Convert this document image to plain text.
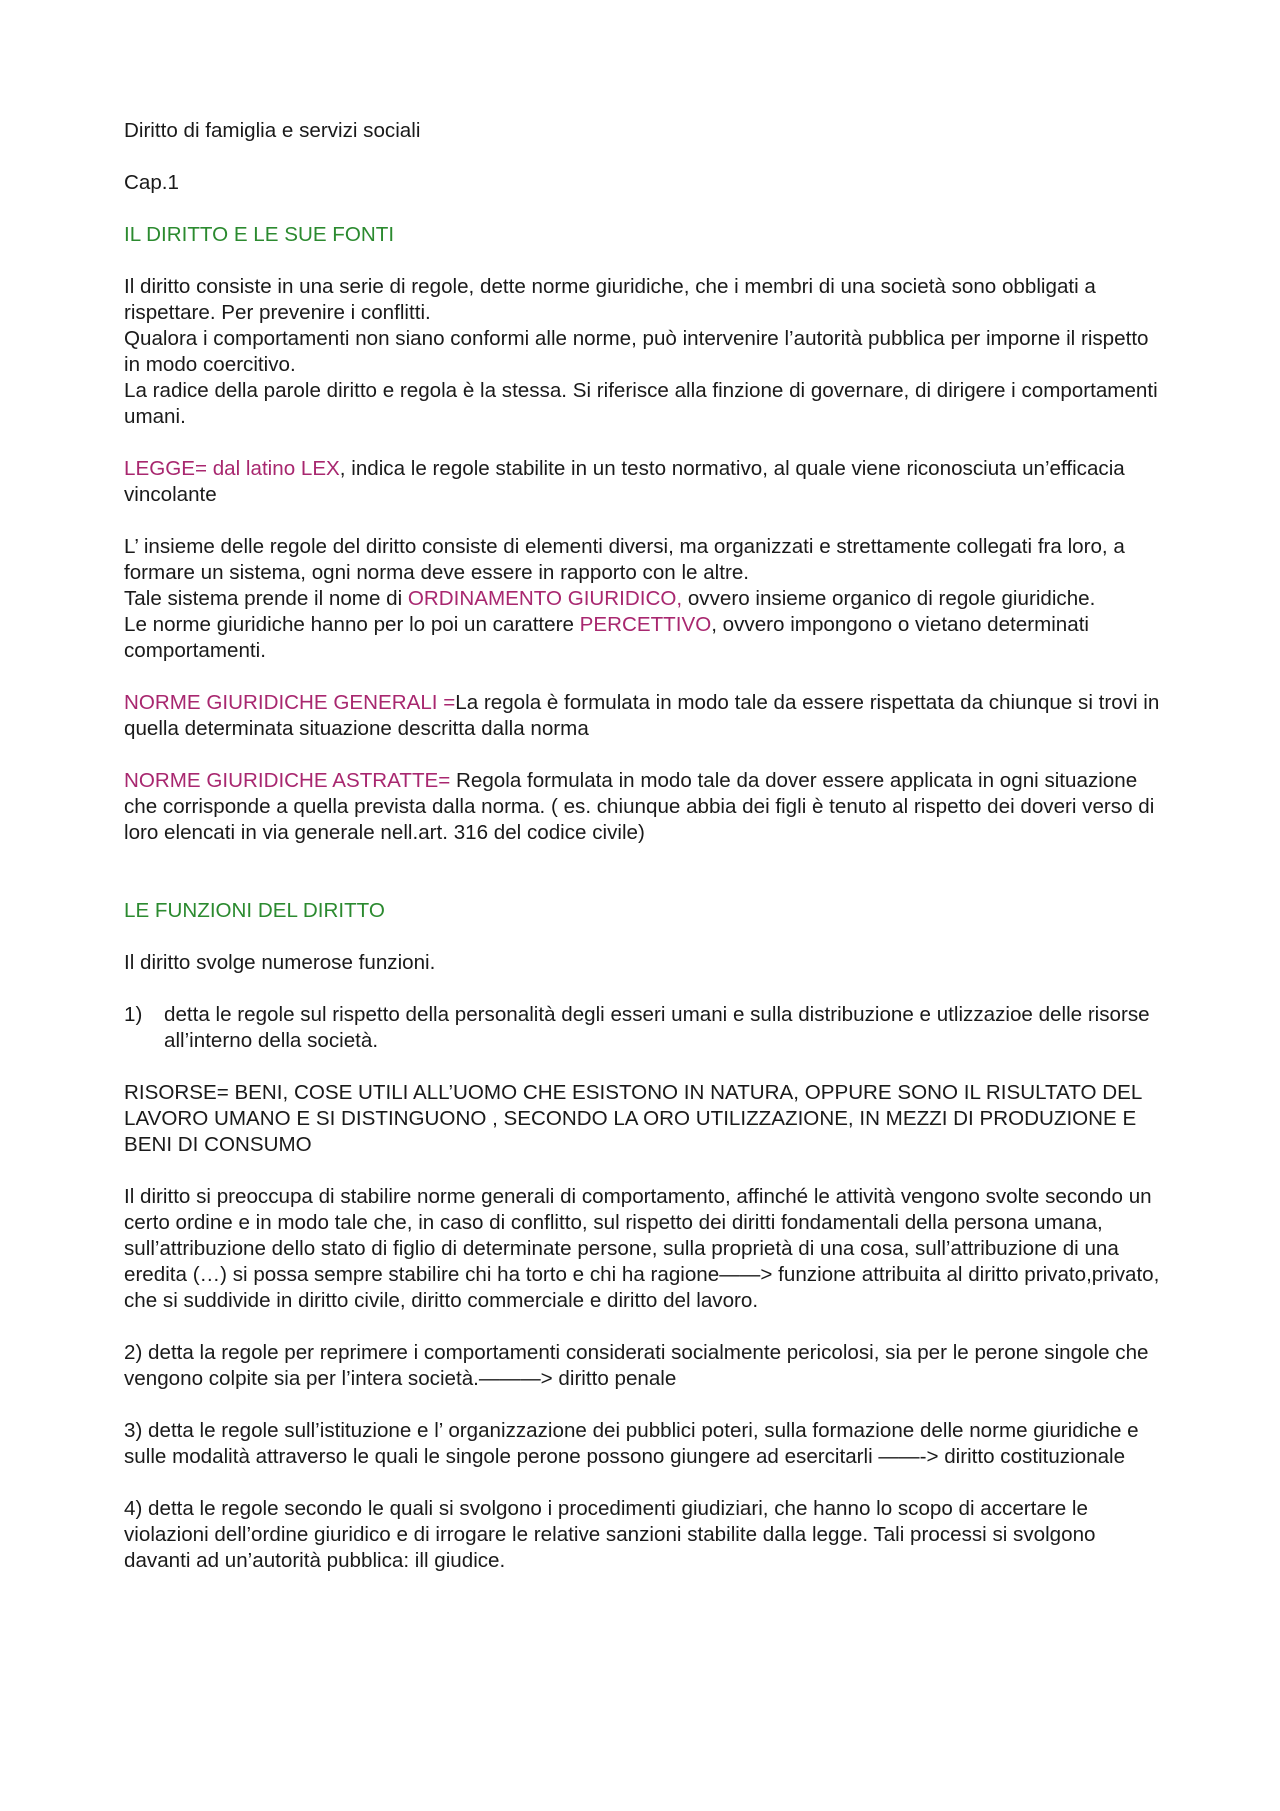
Diritto di famiglia e servizi sociali

Cap.1

IL DIRITTO E LE SUE FONTI

Il diritto consiste in una serie di regole, dette norme giuridiche, che i membri di una società sono obbligati a rispettare. Per prevenire i conflitti.

Qualora i comportamenti non siano conformi alle norme, può intervenire l’autorità pubblica per imporne il rispetto in modo coercitivo.

La radice della parole diritto e regola è la stessa. Si riferisce alla finzione di governare, di dirigere i comportamenti umani.

LEGGE= dal latino LEX, indica le regole stabilite in un testo normativo, al quale viene riconosciuta un’efficacia vincolante

L’ insieme delle regole del diritto consiste di elementi diversi, ma organizzati e strettamente collegati fra loro, a formare un sistema, ogni norma deve essere in rapporto con le altre.

Tale sistema prende il nome di ORDINAMENTO GIURIDICO, ovvero insieme organico di regole giuridiche.

Le norme giuridiche hanno per lo poi un carattere PERCETTIVO, ovvero impongono o vietano determinati comportamenti.

NORME GIURIDICHE GENERALI =La regola è formulata in modo tale da essere rispettata da chiunque si trovi in quella determinata situazione descritta dalla norma

NORME GIURIDICHE ASTRATTE= Regola formulata in modo tale da dover essere applicata in ogni situazione che corrisponde a quella prevista dalla norma. ( es. chiunque abbia dei figli è tenuto al rispetto dei doveri verso di loro elencati in via generale nell.art. 316 del codice civile)

LE FUNZIONI DEL DIRITTO

Il diritto svolge numerose funzioni.

1)	detta le regole sul rispetto della personalità degli esseri umani e sulla distribuzione e utlizzazioe delle risorse all’interno della società.

RISORSE= BENI, COSE UTILI ALL’UOMO CHE ESISTONO IN NATURA, OPPURE SONO IL RISULTATO DEL LAVORO UMANO E SI DISTINGUONO , SECONDO LA ORO UTILIZZAZIONE, IN MEZZI DI PRODUZIONE E BENI DI CONSUMO

Il diritto si preoccupa di stabilire norme generali di comportamento, affinché le attività vengono svolte secondo un certo ordine e in modo tale che, in caso di conflitto, sul rispetto dei diritti fondamentali della persona umana, sull’attribuzione dello stato di figlio di determinate persone, sulla proprietà di una cosa, sull’attribuzione di una eredita (…) si possa sempre stabilire chi ha torto e chi ha ragione——> funzione attribuita al diritto privato,privato, che si suddivide in diritto civile, diritto commerciale e diritto del lavoro.

2) detta la regole per reprimere i comportamenti considerati socialmente pericolosi, sia per le perone singole che vengono colpite sia per l’intera società.———> diritto penale

3) detta le regole sull’istituzione e l’ organizzazione dei pubblici poteri, sulla formazione delle norme giuridiche e sulle modalità attraverso le quali le singole perone possono giungere ad esercitarli ——-> diritto costituzionale

4) detta le regole secondo le quali si svolgono i procedimenti giudiziari, che hanno lo scopo di accertare le violazioni dell’ordine giuridico e di irrogare le relative sanzioni stabilite dalla legge. Tali processi si svolgono davanti ad un’autorità pubblica: ill giudice.
